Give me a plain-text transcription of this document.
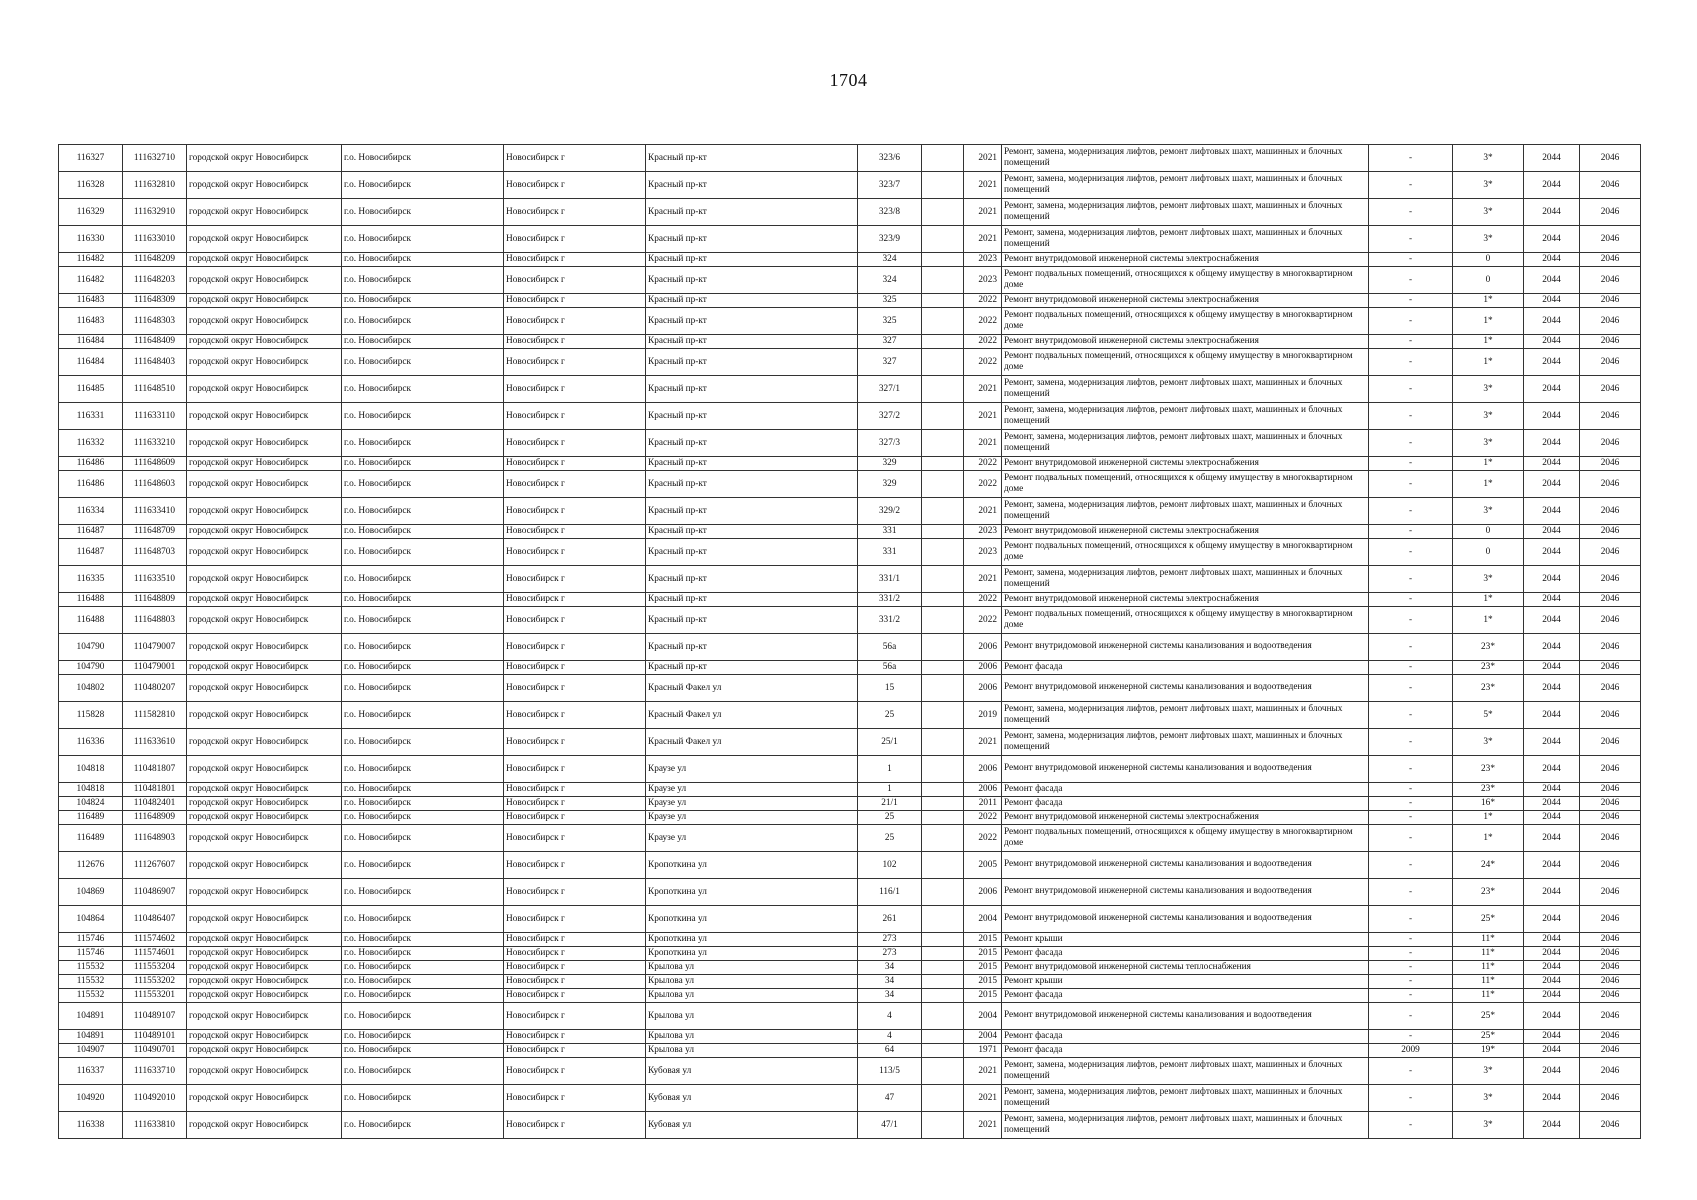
1704
116327	111632710	городской округ Новосибирск	г.о. Новосибирск	Новосибирск г	Красный пр-кт	323/6		2021	Ремонт, замена, модернизация лифтов, ремонт лифтовых шахт, машинных и блочных помещений	-	3*	2044	2046
116328	111632810	городской округ Новосибирск	г.о. Новосибирск	Новосибирск г	Красный пр-кт	323/7		2021	Ремонт, замена, модернизация лифтов, ремонт лифтовых шахт, машинных и блочных помещений	-	3*	2044	2046
116329	111632910	городской округ Новосибирск	г.о. Новосибирск	Новосибирск г	Красный пр-кт	323/8		2021	Ремонт, замена, модернизация лифтов, ремонт лифтовых шахт, машинных и блочных помещений	-	3*	2044	2046
116330	111633010	городской округ Новосибирск	г.о. Новосибирск	Новосибирск г	Красный пр-кт	323/9		2021	Ремонт, замена, модернизация лифтов, ремонт лифтовых шахт, машинных и блочных помещений	-	3*	2044	2046
116482	111648209	городской округ Новосибирск	г.о. Новосибирск	Новосибирск г	Красный пр-кт	324		2023	Ремонт внутридомовой инженерной системы электроснабжения	-	0	2044	2046
116482	111648203	городской округ Новосибирск	г.о. Новосибирск	Новосибирск г	Красный пр-кт	324		2023	Ремонт подвальных помещений, относящихся к общему имуществу в многоквартирном доме	-	0	2044	2046
116483	111648309	городской округ Новосибирск	г.о. Новосибирск	Новосибирск г	Красный пр-кт	325		2022	Ремонт внутридомовой инженерной системы электроснабжения	-	1*	2044	2046
116483	111648303	городской округ Новосибирск	г.о. Новосибирск	Новосибирск г	Красный пр-кт	325		2022	Ремонт подвальных помещений, относящихся к общему имуществу в многоквартирном доме	-	1*	2044	2046
116484	111648409	городской округ Новосибирск	г.о. Новосибирск	Новосибирск г	Красный пр-кт	327		2022	Ремонт внутридомовой инженерной системы электроснабжения	-	1*	2044	2046
116484	111648403	городской округ Новосибирск	г.о. Новосибирск	Новосибирск г	Красный пр-кт	327		2022	Ремонт подвальных помещений, относящихся к общему имуществу в многоквартирном доме	-	1*	2044	2046
116485	111648510	городской округ Новосибирск	г.о. Новосибирск	Новосибирск г	Красный пр-кт	327/1		2021	Ремонт, замена, модернизация лифтов, ремонт лифтовых шахт, машинных и блочных помещений	-	3*	2044	2046
116331	111633110	городской округ Новосибирск	г.о. Новосибирск	Новосибирск г	Красный пр-кт	327/2		2021	Ремонт, замена, модернизация лифтов, ремонт лифтовых шахт, машинных и блочных помещений	-	3*	2044	2046
116332	111633210	городской округ Новосибирск	г.о. Новосибирск	Новосибирск г	Красный пр-кт	327/3		2021	Ремонт, замена, модернизация лифтов, ремонт лифтовых шахт, машинных и блочных помещений	-	3*	2044	2046
116486	111648609	городской округ Новосибирск	г.о. Новосибирск	Новосибирск г	Красный пр-кт	329		2022	Ремонт внутридомовой инженерной системы электроснабжения	-	1*	2044	2046
116486	111648603	городской округ Новосибирск	г.о. Новосибирск	Новосибирск г	Красный пр-кт	329		2022	Ремонт подвальных помещений, относящихся к общему имуществу в многоквартирном доме	-	1*	2044	2046
116334	111633410	городской округ Новосибирск	г.о. Новосибирск	Новосибирск г	Красный пр-кт	329/2		2021	Ремонт, замена, модернизация лифтов, ремонт лифтовых шахт, машинных и блочных помещений	-	3*	2044	2046
116487	111648709	городской округ Новосибирск	г.о. Новосибирск	Новосибирск г	Красный пр-кт	331		2023	Ремонт внутридомовой инженерной системы электроснабжения	-	0	2044	2046
116487	111648703	городской округ Новосибирск	г.о. Новосибирск	Новосибирск г	Красный пр-кт	331		2023	Ремонт подвальных помещений, относящихся к общему имуществу в многоквартирном доме	-	0	2044	2046
116335	111633510	городской округ Новосибирск	г.о. Новосибирск	Новосибирск г	Красный пр-кт	331/1		2021	Ремонт, замена, модернизация лифтов, ремонт лифтовых шахт, машинных и блочных помещений	-	3*	2044	2046
116488	111648809	городской округ Новосибирск	г.о. Новосибирск	Новосибирск г	Красный пр-кт	331/2		2022	Ремонт внутридомовой инженерной системы электроснабжения	-	1*	2044	2046
116488	111648803	городской округ Новосибирск	г.о. Новосибирск	Новосибирск г	Красный пр-кт	331/2		2022	Ремонт подвальных помещений, относящихся к общему имуществу в многоквартирном доме	-	1*	2044	2046
104790	110479007	городской округ Новосибирск	г.о. Новосибирск	Новосибирск г	Красный пр-кт	56а		2006	Ремонт внутридомовой инженерной системы канализования и водоотведения	-	23*	2044	2046
104790	110479001	городской округ Новосибирск	г.о. Новосибирск	Новосибирск г	Красный пр-кт	56а		2006	Ремонт фасада	-	23*	2044	2046
104802	110480207	городской округ Новосибирск	г.о. Новосибирск	Новосибирск г	Красный Факел ул	15		2006	Ремонт внутридомовой инженерной системы канализования и водоотведения	-	23*	2044	2046
115828	111582810	городской округ Новосибирск	г.о. Новосибирск	Новосибирск г	Красный Факел ул	25		2019	Ремонт, замена, модернизация лифтов, ремонт лифтовых шахт, машинных и блочных помещений	-	5*	2044	2046
116336	111633610	городской округ Новосибирск	г.о. Новосибирск	Новосибирск г	Красный Факел ул	25/1		2021	Ремонт, замена, модернизация лифтов, ремонт лифтовых шахт, машинных и блочных помещений	-	3*	2044	2046
104818	110481807	городской округ Новосибирск	г.о. Новосибирск	Новосибирск г	Краузе ул	1		2006	Ремонт внутридомовой инженерной системы канализования и водоотведения	-	23*	2044	2046
104818	110481801	городской округ Новосибирск	г.о. Новосибирск	Новосибирск г	Краузе ул	1		2006	Ремонт фасада	-	23*	2044	2046
104824	110482401	городской округ Новосибирск	г.о. Новосибирск	Новосибирск г	Краузе ул	21/1		2011	Ремонт фасада	-	16*	2044	2046
116489	111648909	городской округ Новосибирск	г.о. Новосибирск	Новосибирск г	Краузе ул	25		2022	Ремонт внутридомовой инженерной системы электроснабжения	-	1*	2044	2046
116489	111648903	городской округ Новосибирск	г.о. Новосибирск	Новосибирск г	Краузе ул	25		2022	Ремонт подвальных помещений, относящихся к общему имуществу в многоквартирном доме	-	1*	2044	2046
112676	111267607	городской округ Новосибирск	г.о. Новосибирск	Новосибирск г	Кропоткина ул	102		2005	Ремонт внутридомовой инженерной системы канализования и водоотведения	-	24*	2044	2046
104869	110486907	городской округ Новосибирск	г.о. Новосибирск	Новосибирск г	Кропоткина ул	116/1		2006	Ремонт внутридомовой инженерной системы канализования и водоотведения	-	23*	2044	2046
104864	110486407	городской округ Новосибирск	г.о. Новосибирск	Новосибирск г	Кропоткина ул	261		2004	Ремонт внутридомовой инженерной системы канализования и водоотведения	-	25*	2044	2046
115746	111574602	городской округ Новосибирск	г.о. Новосибирск	Новосибирск г	Кропоткина ул	273		2015	Ремонт крыши	-	11*	2044	2046
115746	111574601	городской округ Новосибирск	г.о. Новосибирск	Новосибирск г	Кропоткина ул	273		2015	Ремонт фасада	-	11*	2044	2046
115532	111553204	городской округ Новосибирск	г.о. Новосибирск	Новосибирск г	Крылова ул	34		2015	Ремонт внутридомовой инженерной системы теплоснабжения	-	11*	2044	2046
115532	111553202	городской округ Новосибирск	г.о. Новосибирск	Новосибирск г	Крылова ул	34		2015	Ремонт крыши	-	11*	2044	2046
115532	111553201	городской округ Новосибирск	г.о. Новосибирск	Новосибирск г	Крылова ул	34		2015	Ремонт фасада	-	11*	2044	2046
104891	110489107	городской округ Новосибирск	г.о. Новосибирск	Новосибирск г	Крылова ул	4		2004	Ремонт внутридомовой инженерной системы канализования и водоотведения	-	25*	2044	2046
104891	110489101	городской округ Новосибирск	г.о. Новосибирск	Новосибирск г	Крылова ул	4		2004	Ремонт фасада	-	25*	2044	2046
104907	110490701	городской округ Новосибирск	г.о. Новосибирск	Новосибирск г	Крылова ул	64		1971	Ремонт фасада	2009	19*	2044	2046
116337	111633710	городской округ Новосибирск	г.о. Новосибирск	Новосибирск г	Кубовая ул	113/5		2021	Ремонт, замена, модернизация лифтов, ремонт лифтовых шахт, машинных и блочных помещений	-	3*	2044	2046
104920	110492010	городской округ Новосибирск	г.о. Новосибирск	Новосибирск г	Кубовая ул	47		2021	Ремонт, замена, модернизация лифтов, ремонт лифтовых шахт, машинных и блочных помещений	-	3*	2044	2046
116338	111633810	городской округ Новосибирск	г.о. Новосибирск	Новосибирск г	Кубовая ул	47/1		2021	Ремонт, замена, модернизация лифтов, ремонт лифтовых шахт, машинных и блочных помещений	-	3*	2044	2046
